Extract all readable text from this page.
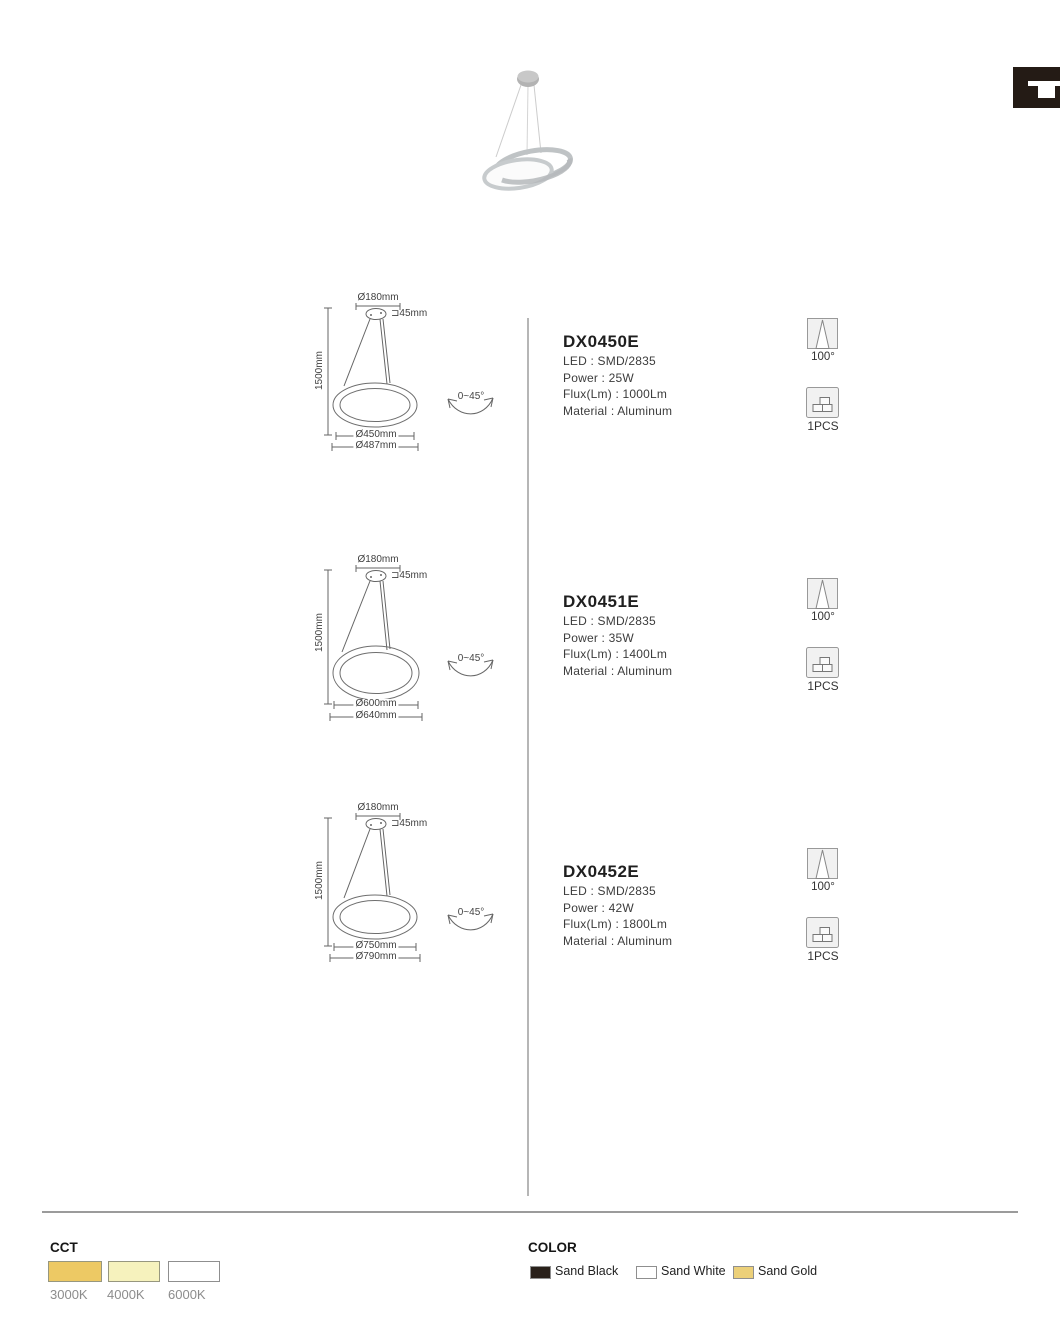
Ø180mm
⊐45mm
1500mm
0~45°
Ø450mm
Ø487mm
DX0450E
LED : SMD/2835
Power : 25W
Flux(Lm) : 1000Lm
Material : Aluminum
100°
1PCS
Ø180mm
⊐45mm
1500mm
0~45°
Ø600mm
Ø640mm
DX0451E
LED : SMD/2835
Power : 35W
Flux(Lm) : 1400Lm
Material : Aluminum
100°
1PCS
Ø180mm
⊐45mm
1500mm
0~45°
Ø750mm
Ø790mm
DX0452E
LED : SMD/2835
Power : 42W
Flux(Lm) : 1800Lm
Material : Aluminum
100°
1PCS
CCT
3000K 4000K 6000K
COLOR
Sand Black	Sand White	Sand Gold
